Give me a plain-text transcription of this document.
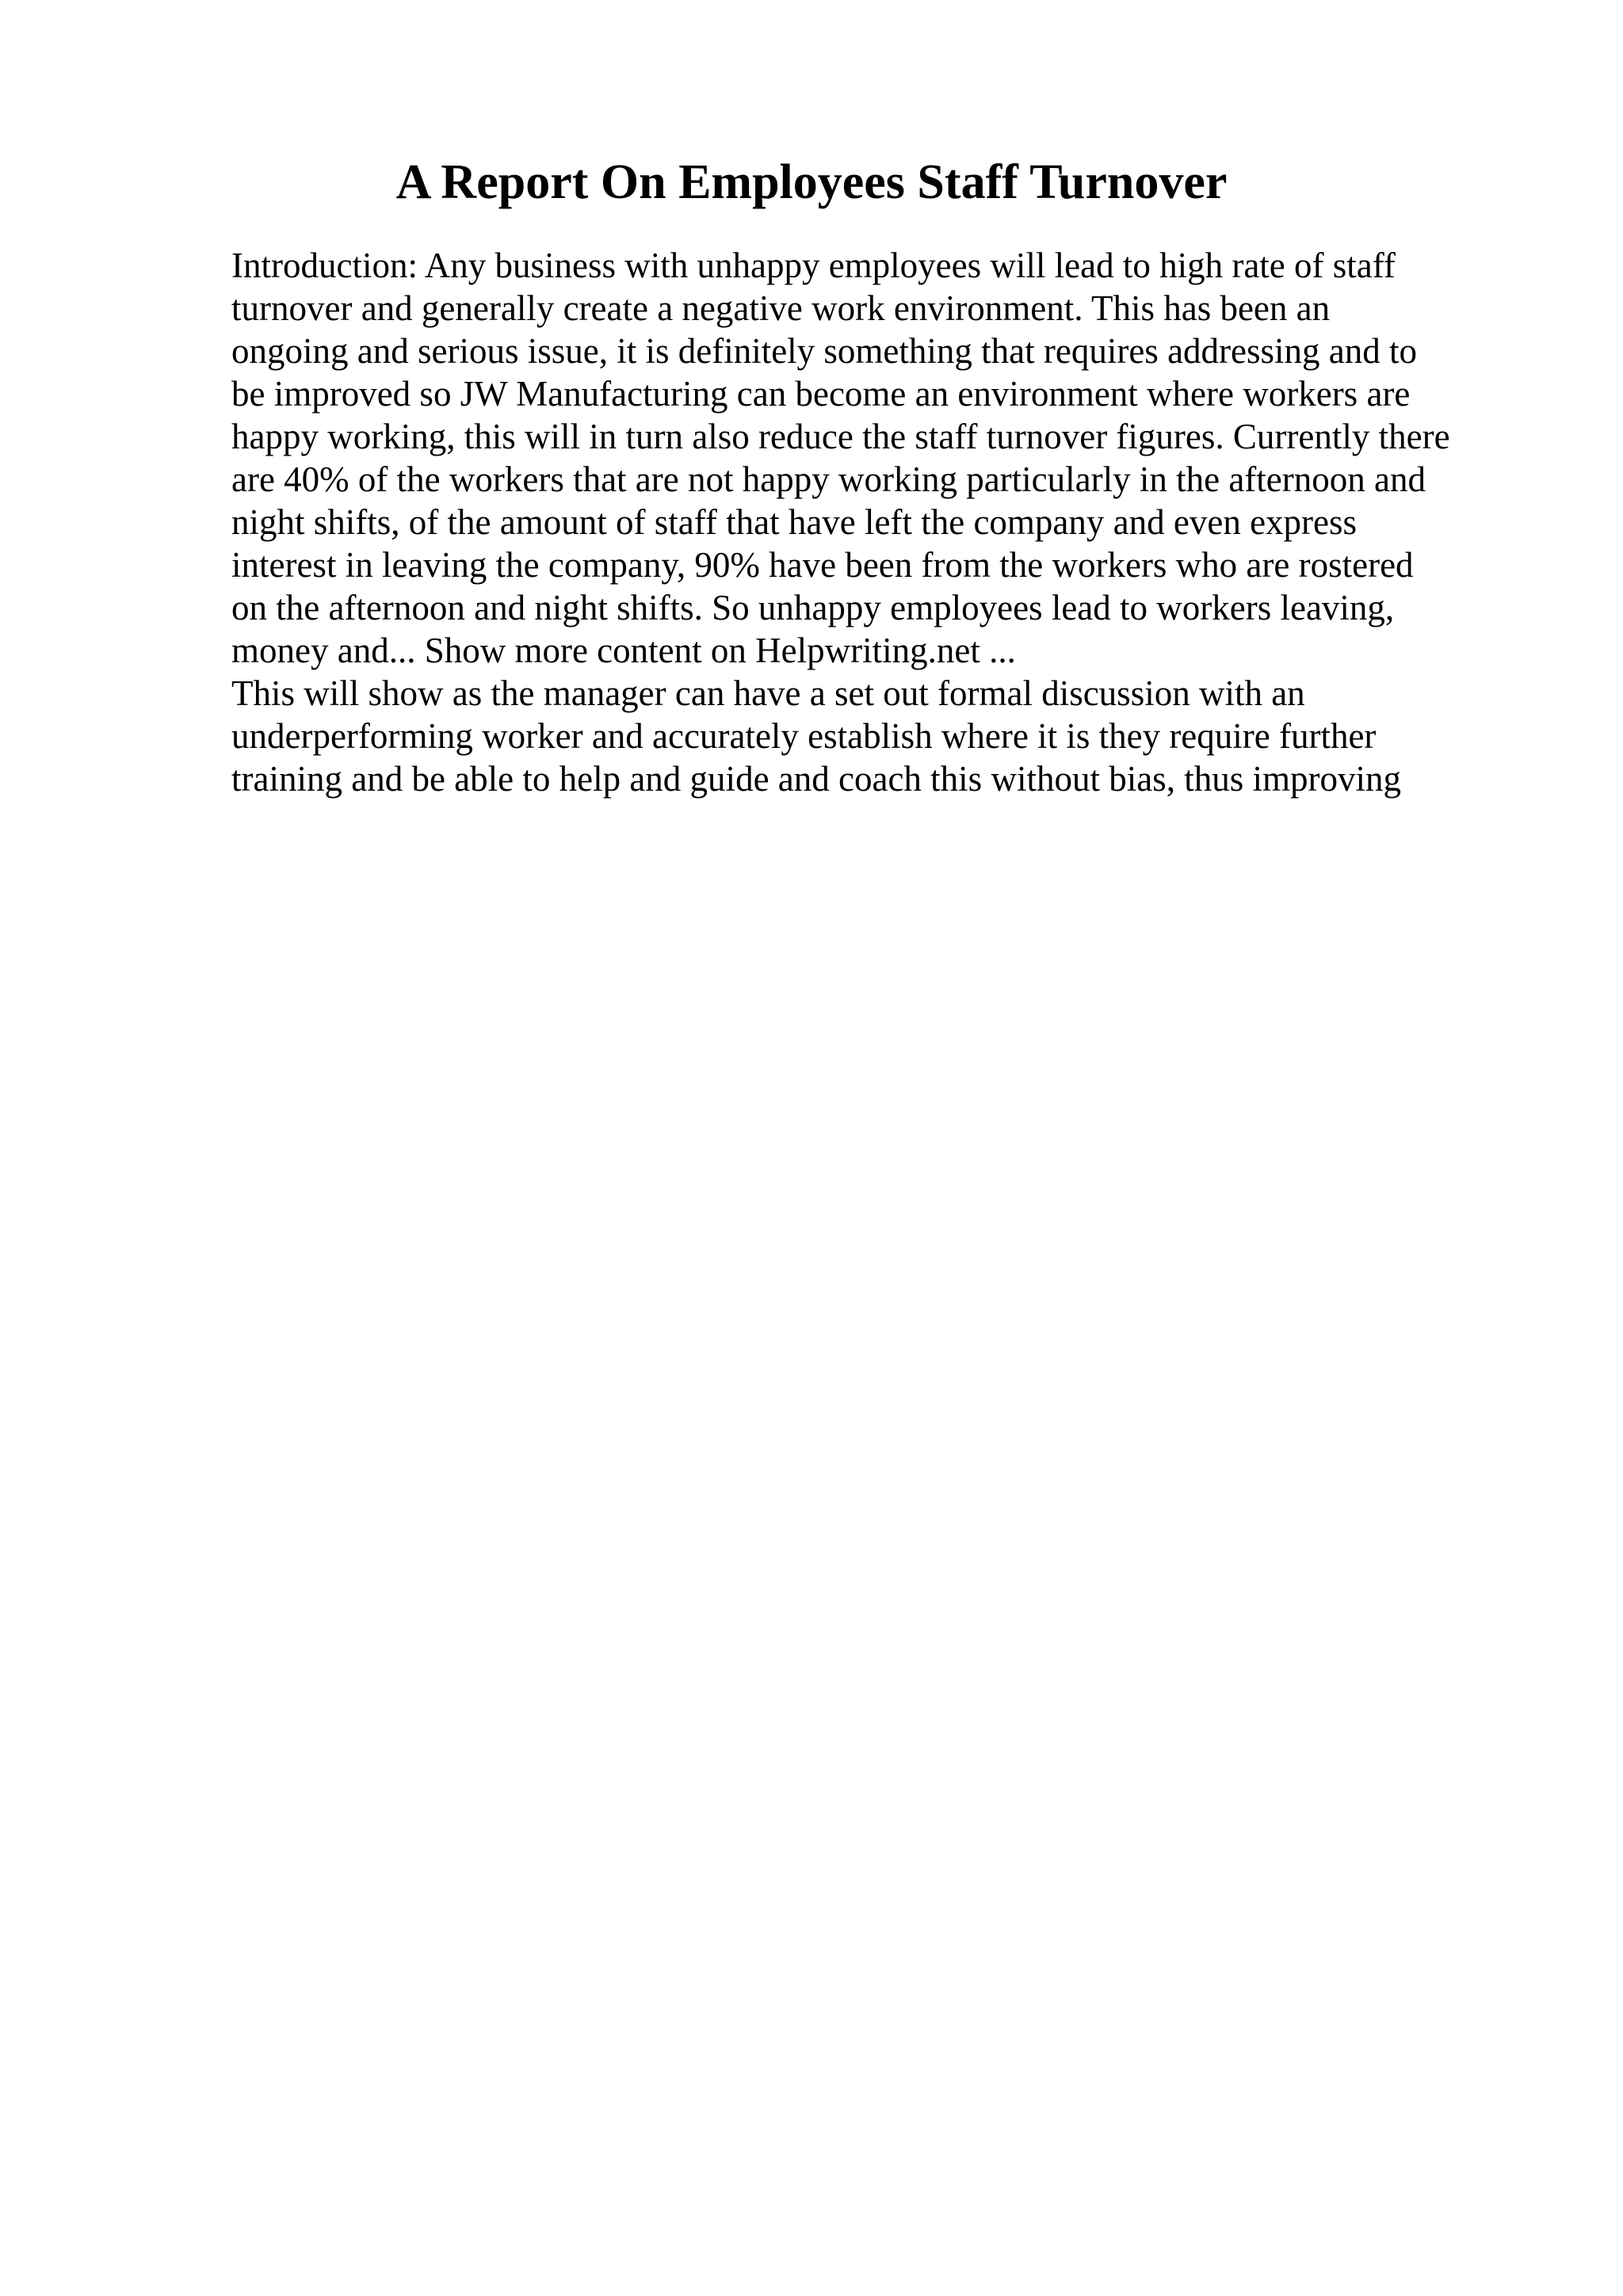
A Report On Employees Staff Turnover
Introduction: Any business with unhappy employees will lead to high rate of staff
turnover and generally create a negative work environment. This has been an
ongoing and serious issue, it is definitely something that requires addressing and to
be improved so JW Manufacturing can become an environment where workers are
happy working, this will in turn also reduce the staff turnover figures. Currently there
are 40% of the workers that are not happy working particularly in the afternoon and
night shifts, of the amount of staff that have left the company and even express
interest in leaving the company, 90% have been from the workers who are rostered
on the afternoon and night shifts. So unhappy employees lead to workers leaving,
money and... Show more content on Helpwriting.net ...
This will show as the manager can have a set out formal discussion with an
underperforming worker and accurately establish where it is they require further
training and be able to help and guide and coach this without bias, thus improving
